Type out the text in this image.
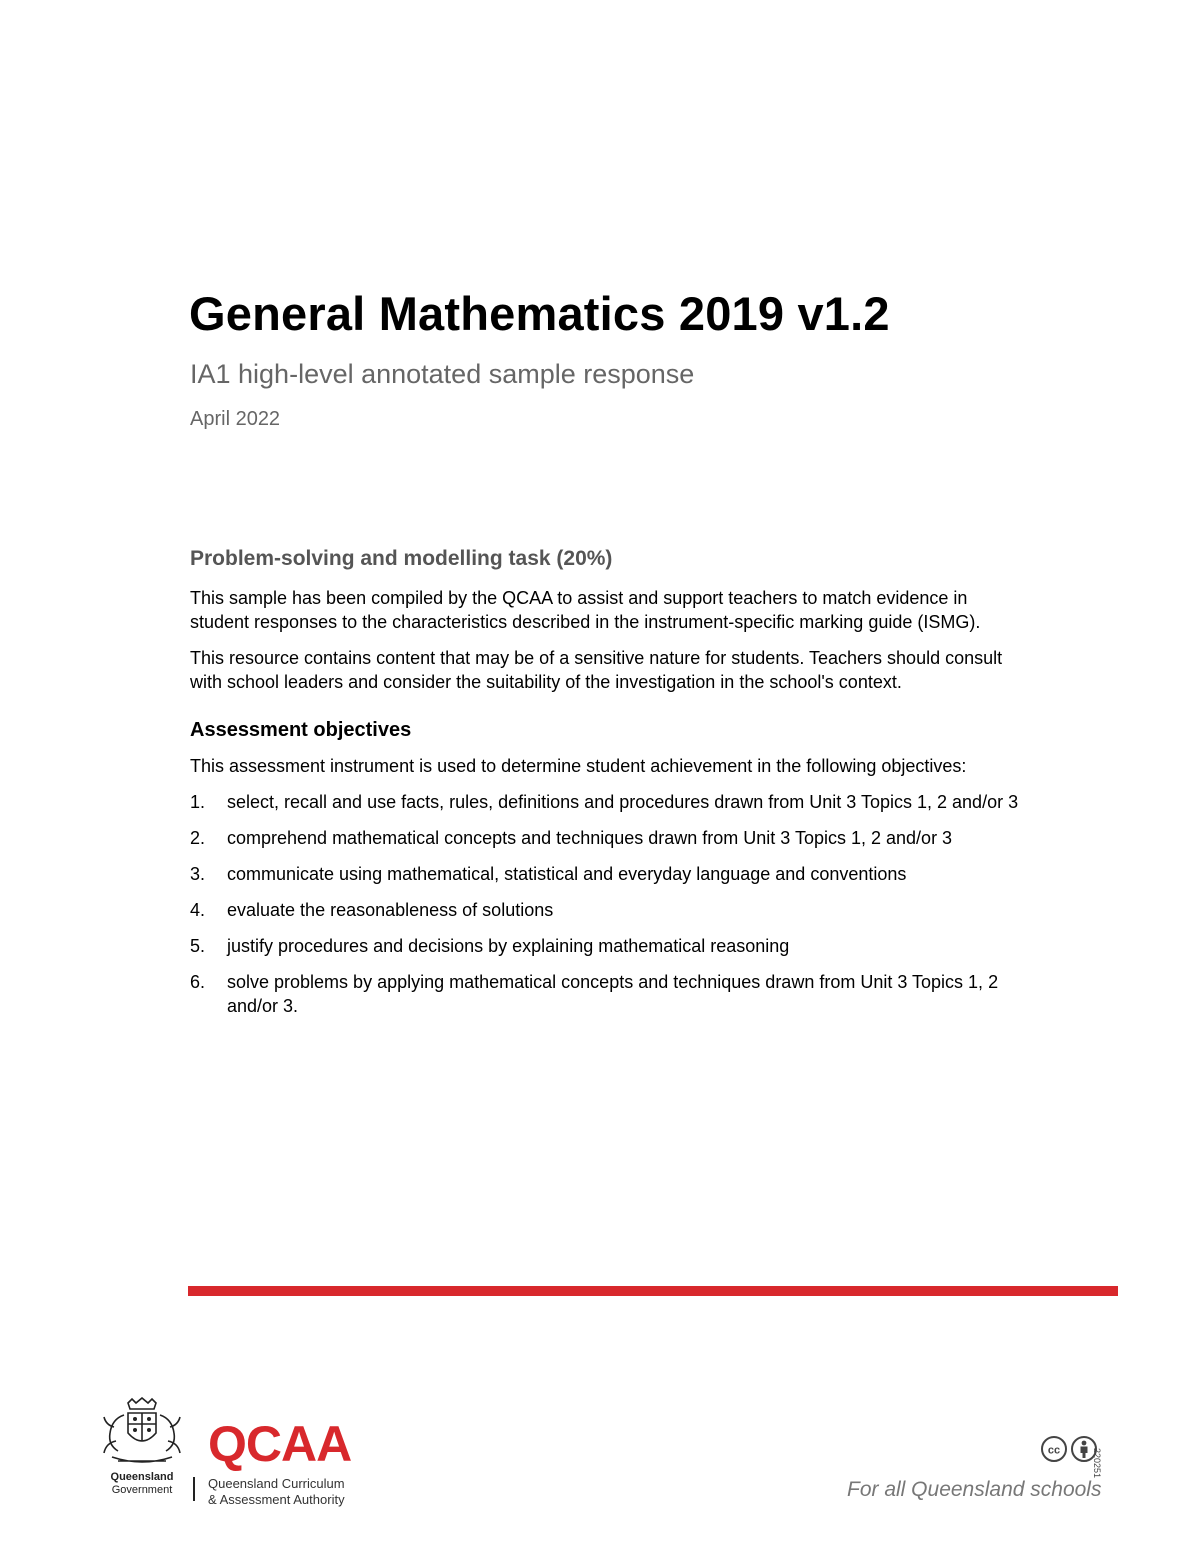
General Mathematics 2019 v1.2
IA1 high-level annotated sample response

April 2022

Problem-solving and modelling task (20%)

This sample has been compiled by the QCAA to assist and support teachers to match evidence in student responses to the characteristics described in the instrument-specific marking guide (ISMG).

This resource contains content that may be of a sensitive nature for students. Teachers should consult with school leaders and consider the suitability of the investigation in the school's context.

Assessment objectives

This assessment instrument is used to determine student achievement in the following objectives:

1. select, recall and use facts, rules, definitions and procedures drawn from Unit 3 Topics 1, 2 and/or 3
2. comprehend mathematical concepts and techniques drawn from Unit 3 Topics 1, 2 and/or 3
3. communicate using mathematical, statistical and everyday language and conventions
4. evaluate the reasonableness of solutions
5. justify procedures and decisions by explaining mathematical reasoning
6. solve problems by applying mathematical concepts and techniques drawn from Unit 3 Topics 1, 2 and/or 3.
Queensland
Government
QCAA
Queensland Curriculum
& Assessment Authority
cc	220251
For all Queensland schools
